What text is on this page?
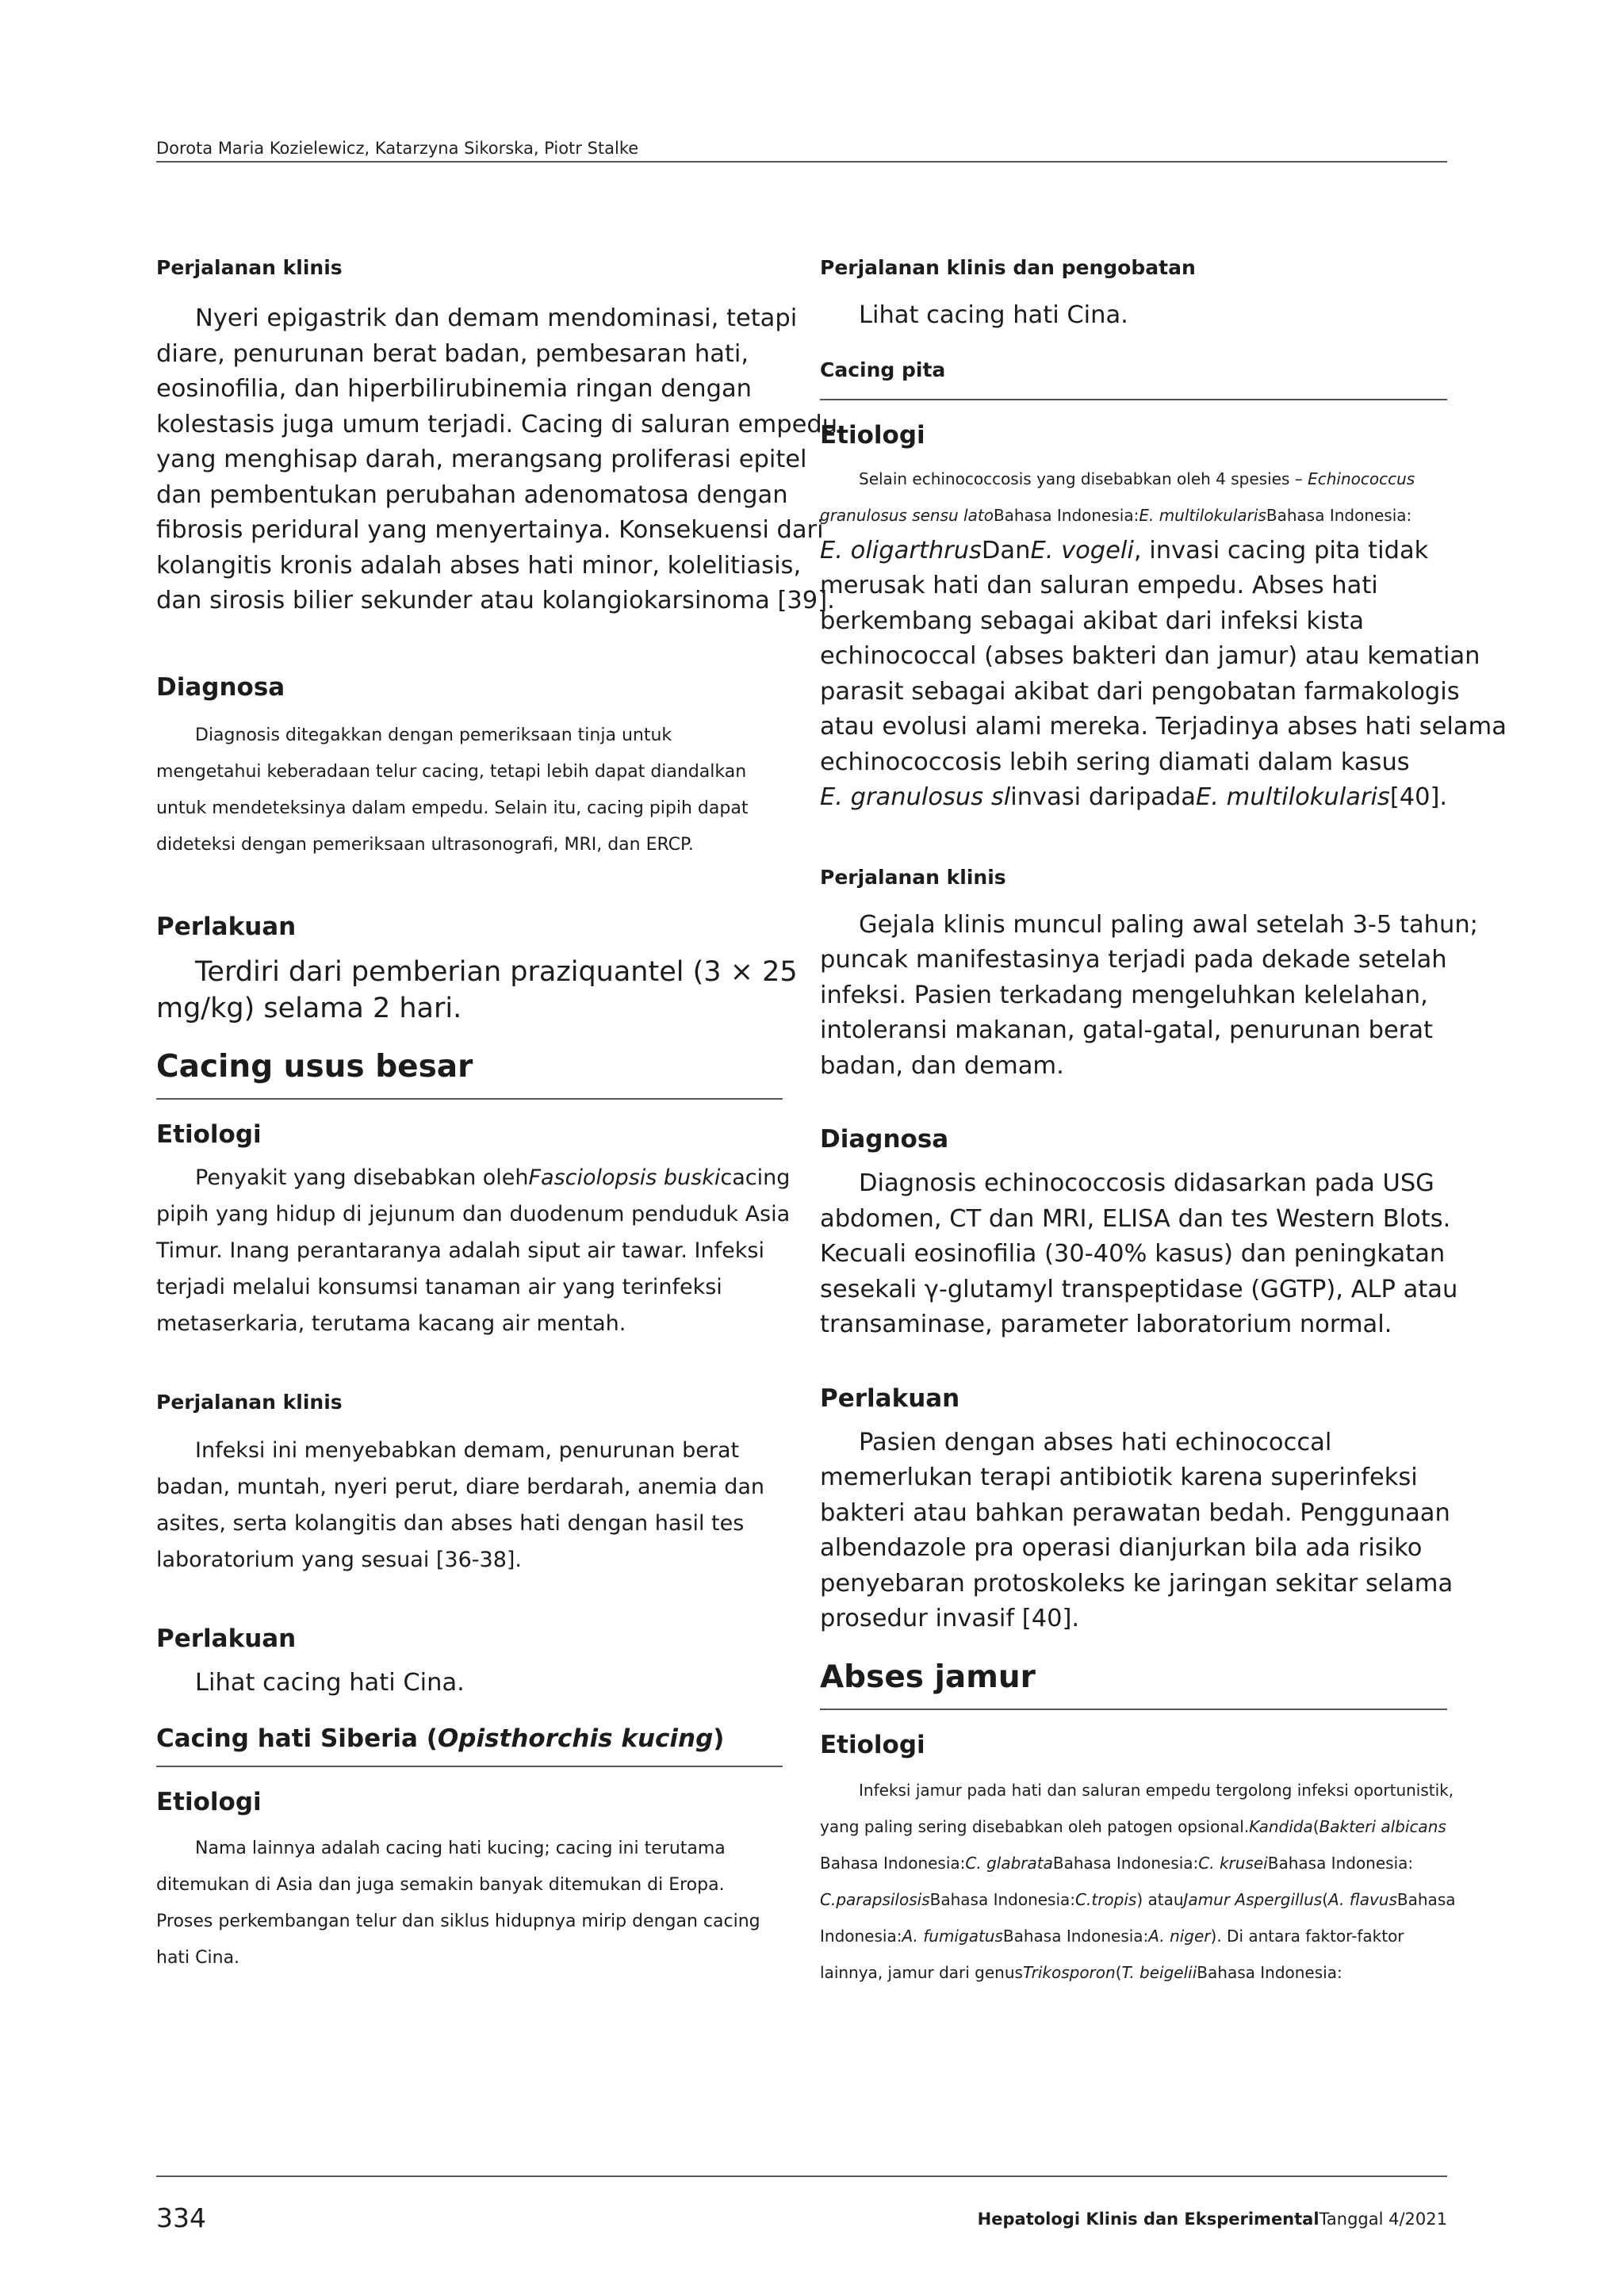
Dorota Maria Kozielewicz, Katarzyna Sikorska, Piotr Stalke
Perjalanan klinis
Nyeri epigastrik dan demam mendominasi, tetapi
diare, penurunan berat badan, pembesaran hati,
eosinofilia, dan hiperbilirubinemia ringan dengan
kolestasis juga umum terjadi. Cacing di saluran empedu,
yang menghisap darah, merangsang proliferasi epitel
dan pembentukan perubahan adenomatosa dengan
fibrosis peridural yang menyertainya. Konsekuensi dari
kolangitis kronis adalah abses hati minor, kolelitiasis,
dan sirosis bilier sekunder atau kolangiokarsinoma [39].
Diagnosa
Diagnosis ditegakkan dengan pemeriksaan tinja untuk
mengetahui keberadaan telur cacing, tetapi lebih dapat diandalkan
untuk mendeteksinya dalam empedu. Selain itu, cacing pipih dapat
dideteksi dengan pemeriksaan ultrasonografi, MRI, dan ERCP.
Perlakuan
Terdiri dari pemberian praziquantel (3 × 25
mg/kg) selama 2 hari.
Cacing usus besar
Etiologi
Penyakit yang disebabkan olehFasciolopsis buskicacing
pipih yang hidup di jejunum dan duodenum penduduk Asia
Timur. Inang perantaranya adalah siput air tawar. Infeksi
terjadi melalui konsumsi tanaman air yang terinfeksi
metaserkaria, terutama kacang air mentah.
Perjalanan klinis
Infeksi ini menyebabkan demam, penurunan berat
badan, muntah, nyeri perut, diare berdarah, anemia dan
asites, serta kolangitis dan abses hati dengan hasil tes
laboratorium yang sesuai [36-38].
Perlakuan
Lihat cacing hati Cina.
Cacing hati Siberia (Opisthorchis kucing)
Etiologi
Nama lainnya adalah cacing hati kucing; cacing ini terutama
ditemukan di Asia dan juga semakin banyak ditemukan di Eropa.
Proses perkembangan telur dan siklus hidupnya mirip dengan cacing
hati Cina.
Perjalanan klinis dan pengobatan
Lihat cacing hati Cina.
Cacing pita
Etiologi
Selain echinococcosis yang disebabkan oleh 4 spesies – Echinococcus
granulosus sensu latoBahasa Indonesia:E. multilokularisBahasa Indonesia:
E. oligarthrusDanE. vogeli, invasi cacing pita tidak
merusak hati dan saluran empedu. Abses hati
berkembang sebagai akibat dari infeksi kista
echinococcal (abses bakteri dan jamur) atau kematian
parasit sebagai akibat dari pengobatan farmakologis
atau evolusi alami mereka. Terjadinya abses hati selama
echinococcosis lebih sering diamati dalam kasus
E. granulosus slinvasi daripadaE. multilokularis[40].
Perjalanan klinis
Gejala klinis muncul paling awal setelah 3-5 tahun;
puncak manifestasinya terjadi pada dekade setelah
infeksi. Pasien terkadang mengeluhkan kelelahan,
intoleransi makanan, gatal-gatal, penurunan berat
badan, dan demam.
Diagnosa
Diagnosis echinococcosis didasarkan pada USG
abdomen, CT dan MRI, ELISA dan tes Western Blots.
Kecuali eosinofilia (30-40% kasus) dan peningkatan
sesekali γ-glutamyl transpeptidase (GGTP), ALP atau
transaminase, parameter laboratorium normal.
Perlakuan
Pasien dengan abses hati echinococcal
memerlukan terapi antibiotik karena superinfeksi
bakteri atau bahkan perawatan bedah. Penggunaan
albendazole pra operasi dianjurkan bila ada risiko
penyebaran protoskoleks ke jaringan sekitar selama
prosedur invasif [40].
Abses jamur
Etiologi
Infeksi jamur pada hati dan saluran empedu tergolong infeksi oportunistik,
yang paling sering disebabkan oleh patogen opsional.Kandida(Bakteri albicans
Bahasa Indonesia:C. glabrataBahasa Indonesia:C. kruseiBahasa Indonesia:
C.parapsilosisBahasa Indonesia:C.tropis) atauJamur Aspergillus(A. flavusBahasa
Indonesia:A. fumigatusBahasa Indonesia:A. niger). Di antara faktor-faktor
lainnya, jamur dari genusTrikosporon(T. beigeliiBahasa Indonesia:
334	Hepatologi Klinis dan EksperimentalTanggal 4/2021
